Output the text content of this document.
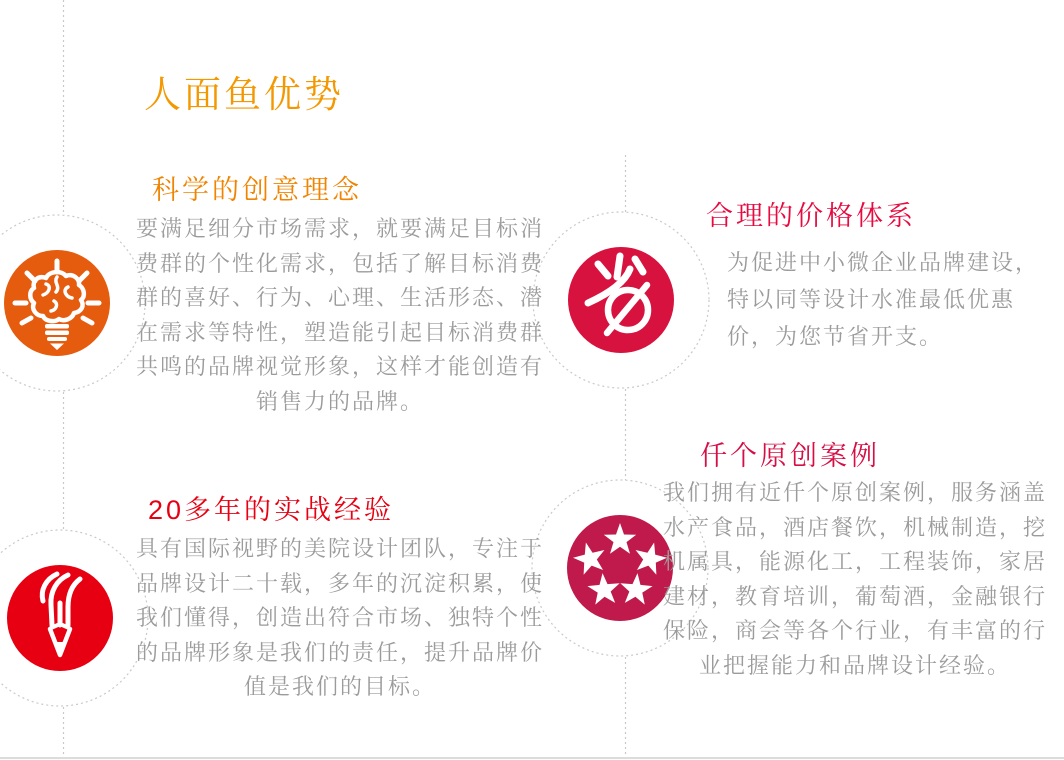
人面鱼优势
科学的创意理念

要满足细分市场需求，就要满足目标消费群的个性化需求，包括了解目标消费群的喜好、行为、心理、生活形态、潜在需求等特性，塑造能引起目标消费群共鸣的品牌视觉形象，这样才能创造有销售力的品牌。

合理的价格体系

为促进中小微企业品牌建设，特以同等设计水准最低优惠价，为您节省开支。

20多年的实战经验

具有国际视野的美院设计团队，专注于品牌设计二十载，多年的沉淀积累，使我们懂得，创造出符合市场、独特个性的品牌形象是我们的责任，提升品牌价值是我们的目标。

仟个原创案例

我们拥有近仟个原创案例，服务涵盖水产食品，酒店餐饮，机械制造，挖机属具，能源化工，工程装饰，家居建材，教育培训，葡萄酒，金融银行保险，商会等各个行业，有丰富的行业把握能力和品牌设计经验。
